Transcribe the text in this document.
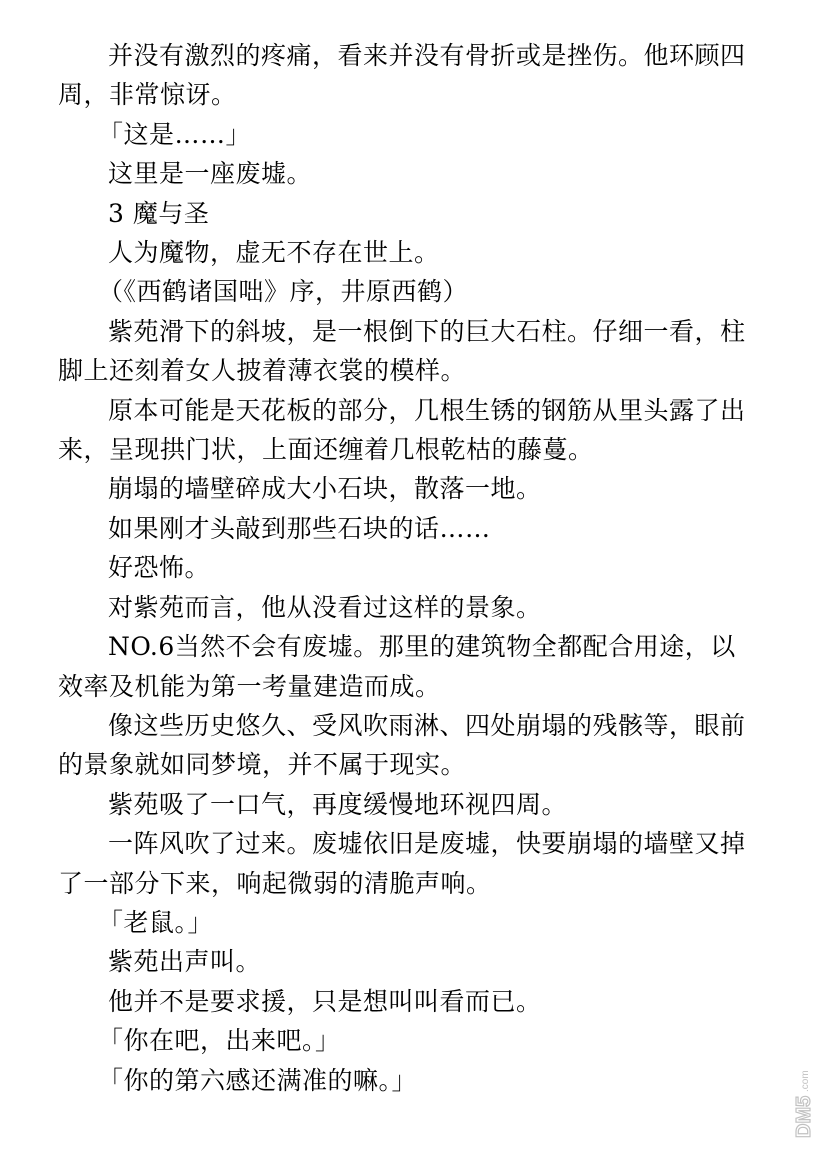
并没有激烈的疼痛，看来并没有骨折或是挫伤。他环顾四周，非常惊讶。

「这是……」

这里是一座废墟。

3 魔与圣

人为魔物，虚无不存在世上。

（《西鹤诸国咄》序，井原西鹤）

紫苑滑下的斜坡，是一根倒下的巨大石柱。仔细一看，柱脚上还刻着女人披着薄衣裳的模样。

原本可能是天花板的部分，几根生锈的钢筋从里头露了出来，呈现拱门状，上面还缠着几根乾枯的藤蔓。

崩塌的墙壁碎成大小石块，散落一地。

如果刚才头敲到那些石块的话……

好恐怖。

对紫苑而言，他从没看过这样的景象。

NO.6当然不会有废墟。那里的建筑物全都配合用途，以效率及机能为第一考量建造而成。

像这些历史悠久、受风吹雨淋、四处崩塌的残骸等，眼前的景象就如同梦境，并不属于现实。

紫苑吸了一口气，再度缓慢地环视四周。

一阵风吹了过来。废墟依旧是废墟，快要崩塌的墙壁又掉了一部分下来，响起微弱的清脆声响。

「老鼠。」

紫苑出声叫。

他并不是要求援，只是想叫叫看而已。

「你在吧，出来吧。」

「你的第六感还满准的嘛。」

DM5
.com
